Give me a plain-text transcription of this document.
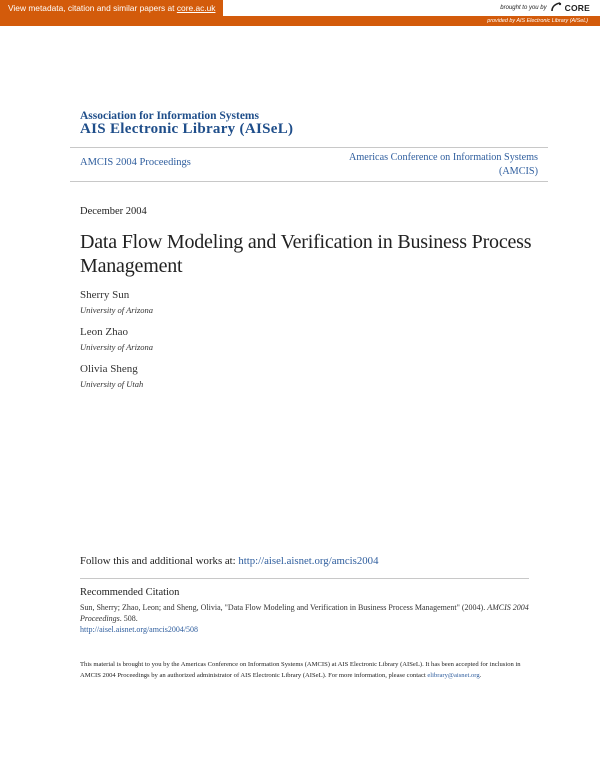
View metadata, citation and similar papers at core.ac.uk	brought to you by CORE
provided by AIS Electronic Library (AISeL)
Association for Information Systems
AIS Electronic Library (AISeL)
AMCIS 2004 Proceedings	Americas Conference on Information Systems (AMCIS)
December 2004
Data Flow Modeling and Verification in Business Process Management
Sherry Sun
University of Arizona
Leon Zhao
University of Arizona
Olivia Sheng
University of Utah
Follow this and additional works at: http://aisel.aisnet.org/amcis2004
Recommended Citation
Sun, Sherry; Zhao, Leon; and Sheng, Olivia, "Data Flow Modeling and Verification in Business Process Management" (2004). AMCIS 2004 Proceedings. 508.
http://aisel.aisnet.org/amcis2004/508
This material is brought to you by the Americas Conference on Information Systems (AMCIS) at AIS Electronic Library (AISeL). It has been accepted for inclusion in AMCIS 2004 Proceedings by an authorized administrator of AIS Electronic Library (AISeL). For more information, please contact elibrary@aisnet.org.
